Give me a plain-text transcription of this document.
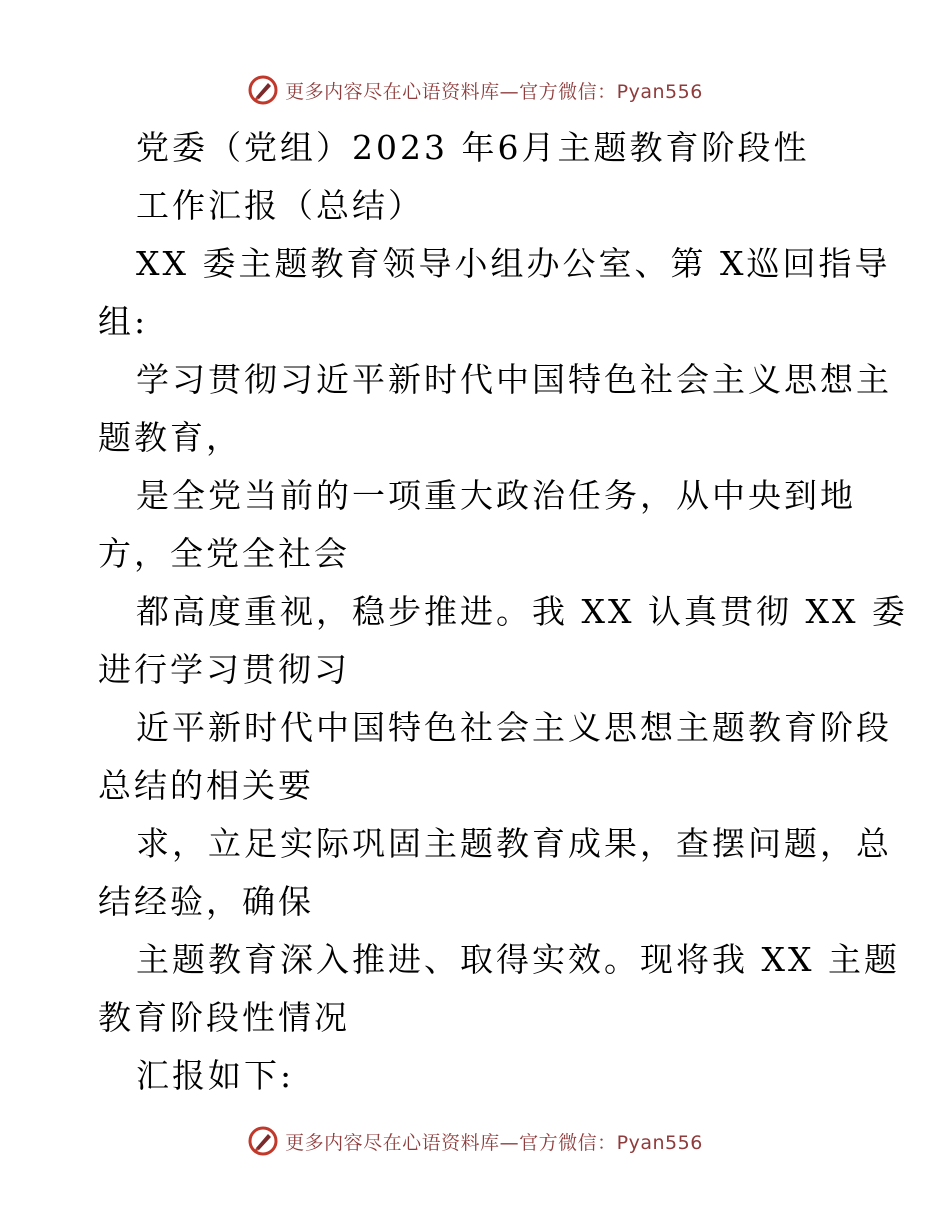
更多内容尽在心语资料库—官方微信：Pyan556
党委（党组）2023 年6月主题教育阶段性
工作汇报（总结）
XX 委主题教育领导小组办公室、第 X巡回指导
组:
学习贯彻习近平新时代中国特色社会主义思想主
题教育，
是全党当前的一项重大政治任务，从中央到地
方，全党全社会
都高度重视，稳步推进。我 XX 认真贯彻 XX 委
进行学习贯彻习
近平新时代中国特色社会主义思想主题教育阶段
总结的相关要
求，立足实际巩固主题教育成果，查摆问题，总
结经验，确保
主题教育深入推进、取得实效。现将我 XX 主题
教育阶段性情况
汇报如下:
更多内容尽在心语资料库—官方微信：Pyan556
